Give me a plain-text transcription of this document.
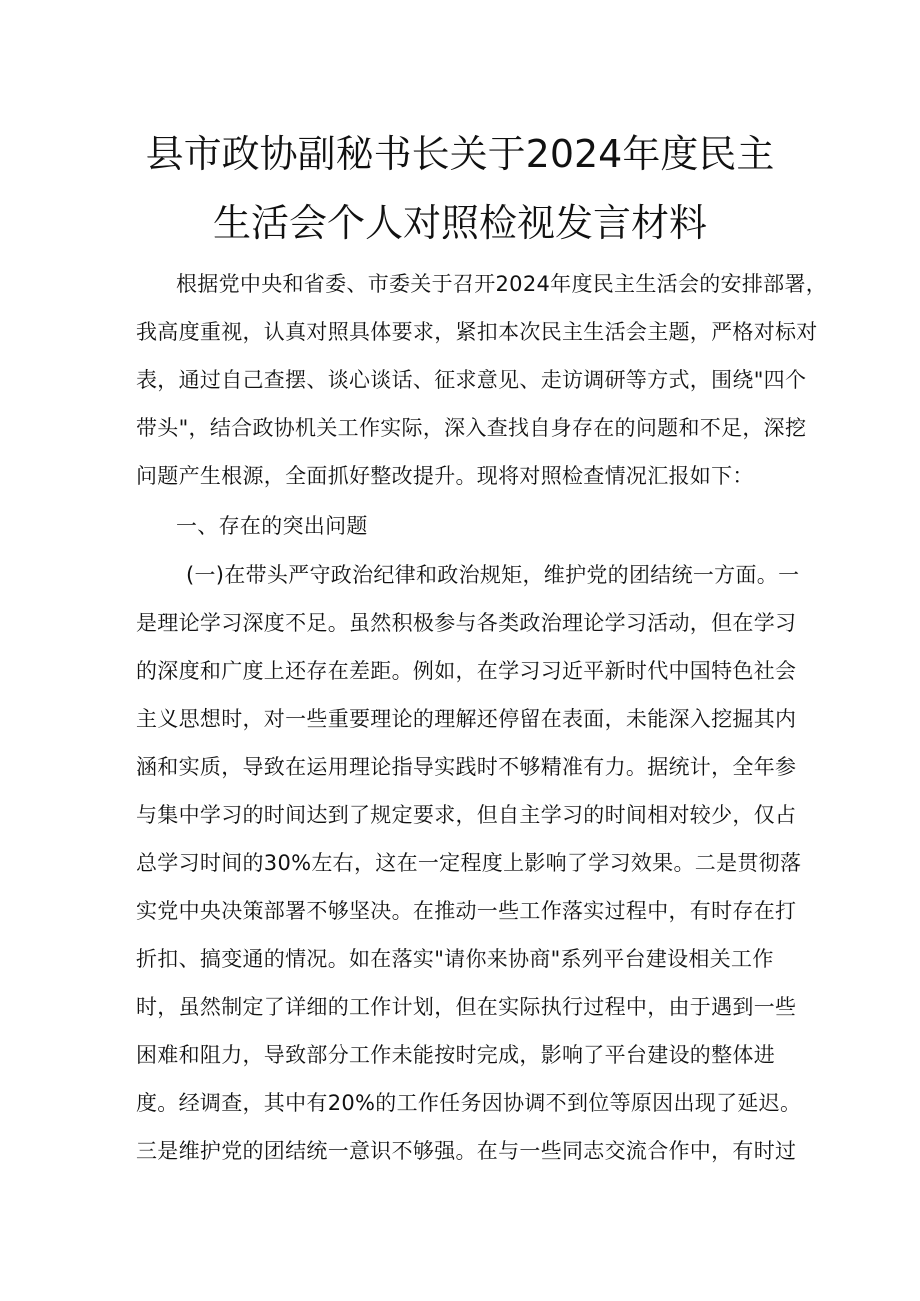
县市政协副秘书长关于2024年度民主
生活会个人对照检视发言材料
根据党中央和省委、市委关于召开2024年度民主生活会的安排部署，
我高度重视，认真对照具体要求，紧扣本次民主生活会主题，严格对标对
表，通过自己查摆、谈心谈话、征求意见、走访调研等方式，围绕"四个
带头"，结合政协机关工作实际，深入查找自身存在的问题和不足，深挖
问题产生根源，全面抓好整改提升。现将对照检查情况汇报如下：
一、存在的突出问题
(一)在带头严守政治纪律和政治规矩，维护党的团结统一方面。一
是理论学习深度不足。虽然积极参与各类政治理论学习活动，但在学习
的深度和广度上还存在差距。例如，在学习习近平新时代中国特色社会
主义思想时，对一些重要理论的理解还停留在表面，未能深入挖掘其内
涵和实质，导致在运用理论指导实践时不够精准有力。据统计，全年参
与集中学习的时间达到了规定要求，但自主学习的时间相对较少，仅占
总学习时间的30%左右，这在一定程度上影响了学习效果。二是贯彻落
实党中央决策部署不够坚决。在推动一些工作落实过程中，有时存在打
折扣、搞变通的情况。如在落实"请你来协商"系列平台建设相关工作
时，虽然制定了详细的工作计划，但在实际执行过程中，由于遇到一些
困难和阻力，导致部分工作未能按时完成，影响了平台建设的整体进
度。经调查，其中有20%的工作任务因协调不到位等原因出现了延迟。
三是维护党的团结统一意识不够强。在与一些同志交流合作中，有时过
